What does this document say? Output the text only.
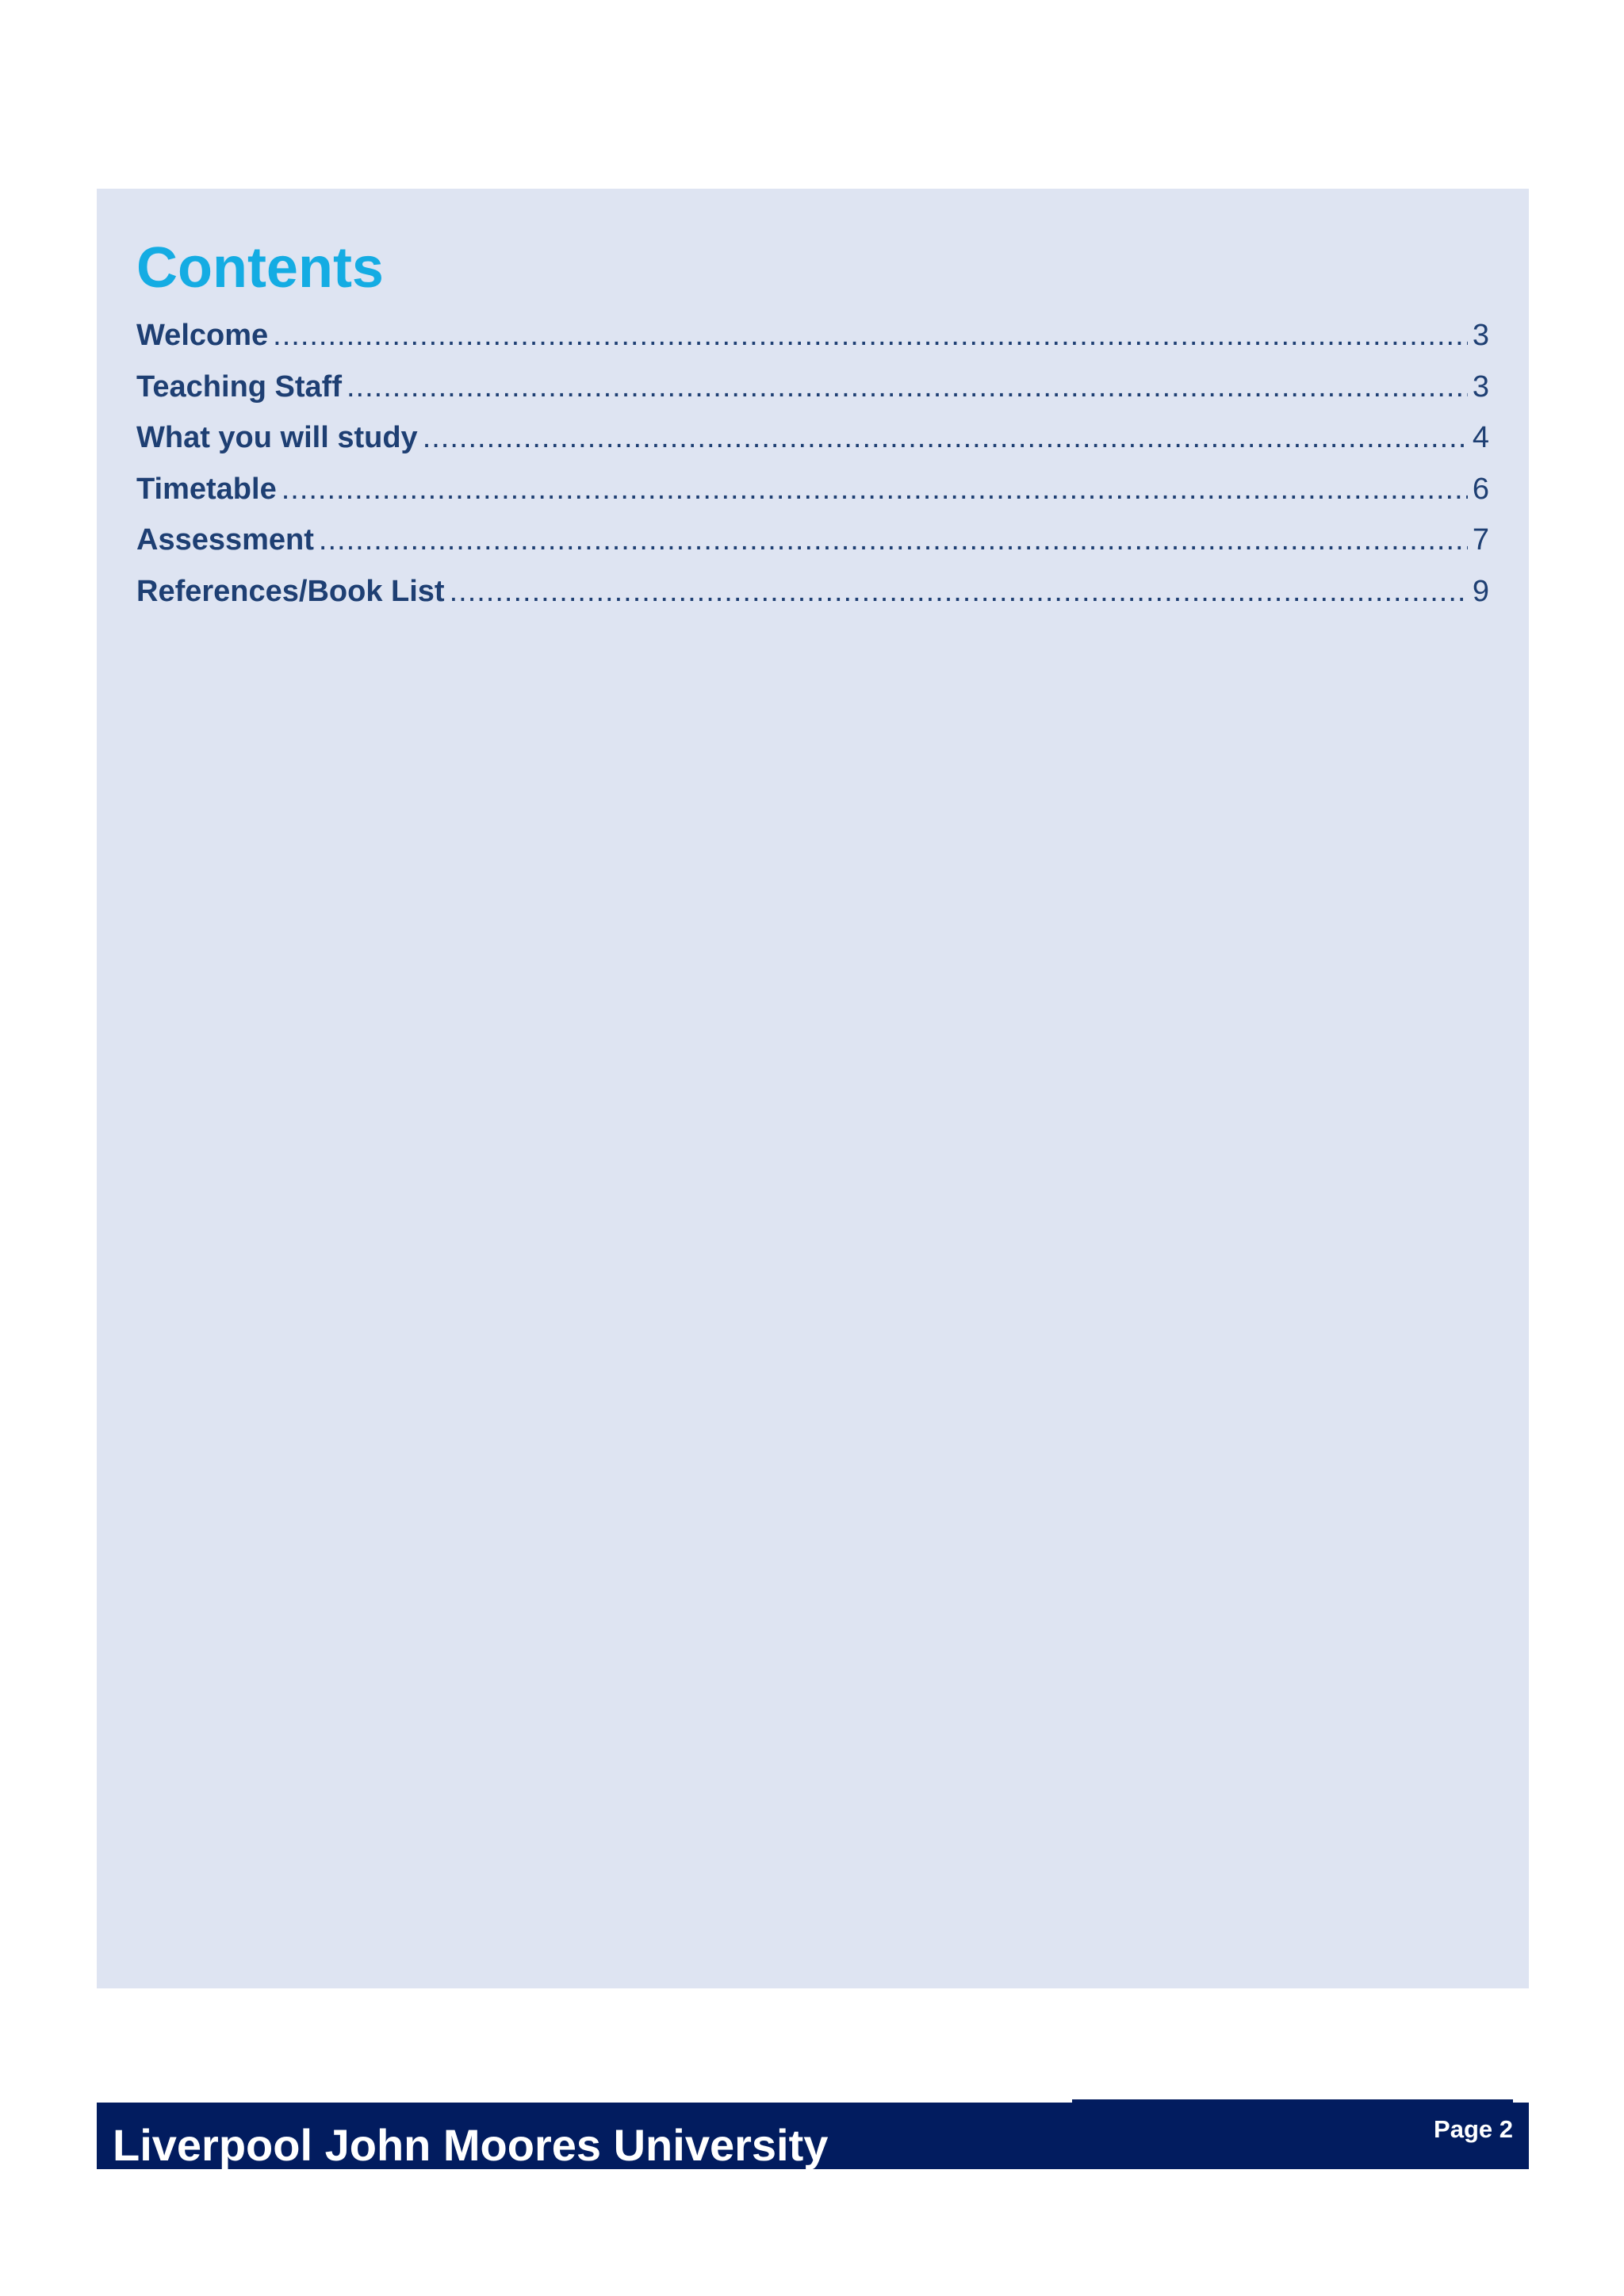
Contents
Welcome .....	3
Teaching Staff .....	3
What you will study .....	4
Timetable .....	6
Assessment .....	7
References/Book List .....	9
Liverpool John Moores University	Page 2
